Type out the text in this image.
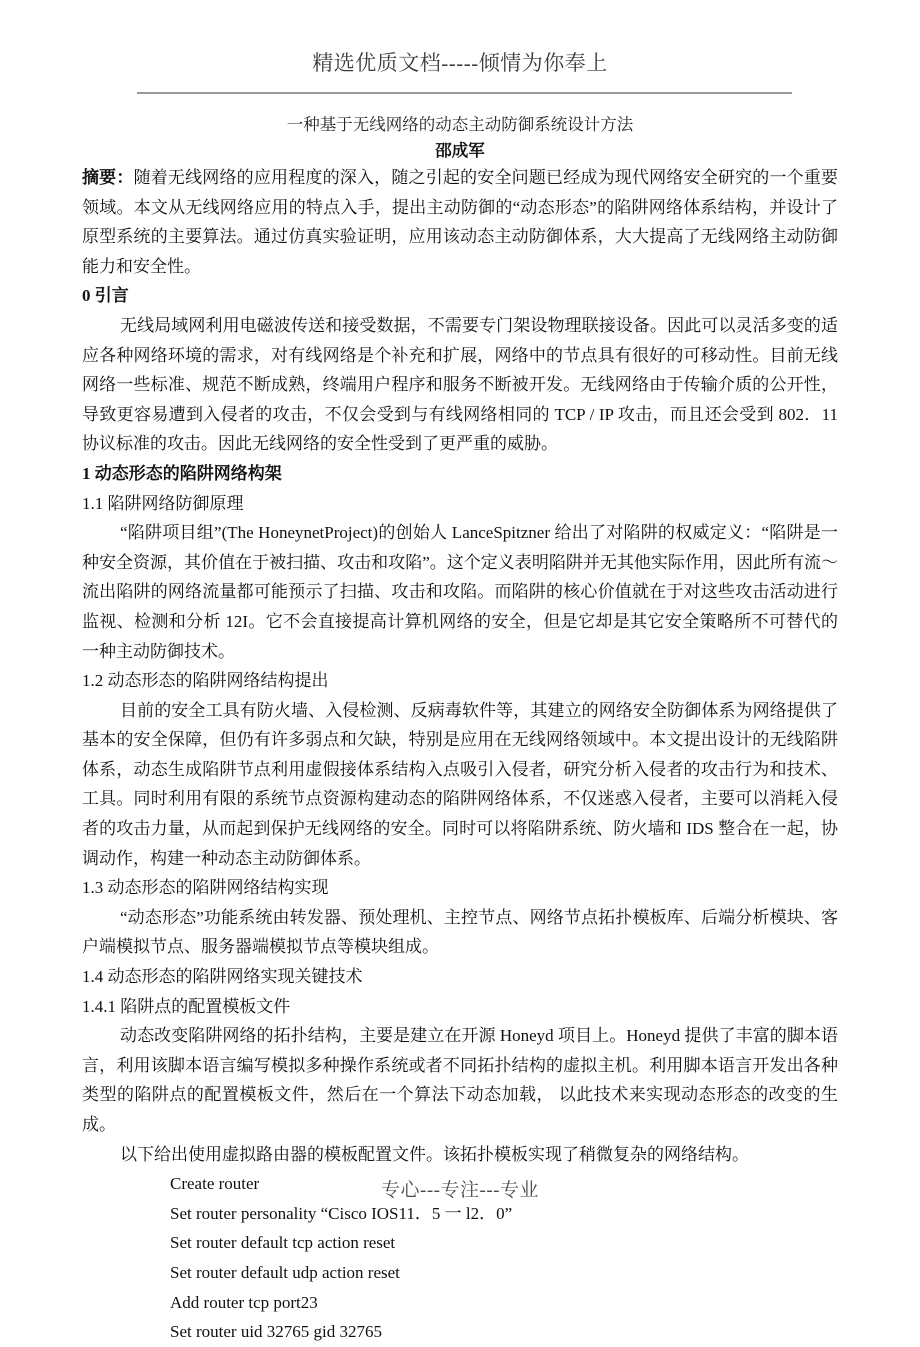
精选优质文档-----倾情为你奉上
一种基于无线网络的动态主动防御系统设计方法
邵成军

摘要：随着无线网络的应用程度的深入，随之引起的安全问题已经成为现代网络安全研究的一个重要领域。本文从无线网络应用的特点入手，提出主动防御的“动态形态”的陷阱网络体系结构，并设计了原型系统的主要算法。通过仿真实验证明，应用该动态主动防御体系，大大提高了无线网络主动防御能力和安全性。

0 引言

无线局域网利用电磁波传送和接受数据，不需要专门架设物理联接设备。因此可以灵活多变的适应各种网络环境的需求，对有线网络是个补充和扩展，网络中的节点具有很好的可移动性。目前无线网络一些标准、规范不断成熟，终端用户程序和服务不断被开发。无线网络由于传输介质的公开性，导致更容易遭到入侵者的攻击，不仅会受到与有线网络相同的 TCP / IP 攻击，而且还会受到 802．11 协议标准的攻击。因此无线网络的安全性受到了更严重的威胁。

1 动态形态的陷阱网络构架
1.1 陷阱网络防御原理

“陷阱项目组”(The HoneynetProject)的创始人 LanceSpitzner 给出了对陷阱的权威定义：“陷阱是一种安全资源，其价值在于被扫描、攻击和攻陷”。这个定义表明陷阱并无其他实际作用，因此所有流～流出陷阱的网络流量都可能预示了扫描、攻击和攻陷。而陷阱的核心价值就在于对这些攻击活动进行监视、检测和分析 12I。它不会直接提高计算机网络的安全，但是它却是其它安全策略所不可替代的一种主动防御技术。

1.2 动态形态的陷阱网络结构提出

目前的安全工具有防火墙、入侵检测、反病毒软件等，其建立的网络安全防御体系为网络提供了基本的安全保障，但仍有许多弱点和欠缺，特别是应用在无线网络领域中。本文提出设计的无线陷阱体系，动态生成陷阱节点利用虚假接体系结构入点吸引入侵者，研究分析入侵者的攻击行为和技术、工具。同时利用有限的系统节点资源构建动态的陷阱网络体系，不仅迷惑入侵者，主要可以消耗入侵者的攻击力量，从而起到保护无线网络的安全。同时可以将陷阱系统、防火墙和 IDS 整合在一起，协调动作，构建一种动态主动防御体系。

1.3 动态形态的陷阱网络结构实现

“动态形态”功能系统由转发器、预处理机、主控节点、网络节点拓扑模板库、后端分析模块、客户端模拟节点、服务器端模拟节点等模块组成。

1.4 动态形态的陷阱网络实现关键技术
1.4.1 陷阱点的配置模板文件

动态改变陷阱网络的拓扑结构，主要是建立在开源 Honeyd 项目上。Honeyd 提供了丰富的脚本语言，利用该脚本语言编写模拟多种操作系统或者不同拓扑结构的虚拟主机。利用脚本语言开发出各种类型的陷阱点的配置模板文件，然后在一个算法下动态加载， 以此技术来实现动态形态的改变的生成。

以下给出使用虚拟路由器的模板配置文件。该拓扑模板实现了稍微复杂的网络结构。

Create router
Set router personality “Cisco IOS11．5 一 l2．0”
Set router default tcp action reset
Set router default udp action reset
Add router tcp port23
Set router uid 32765 gid 32765
专心---专注---专业
